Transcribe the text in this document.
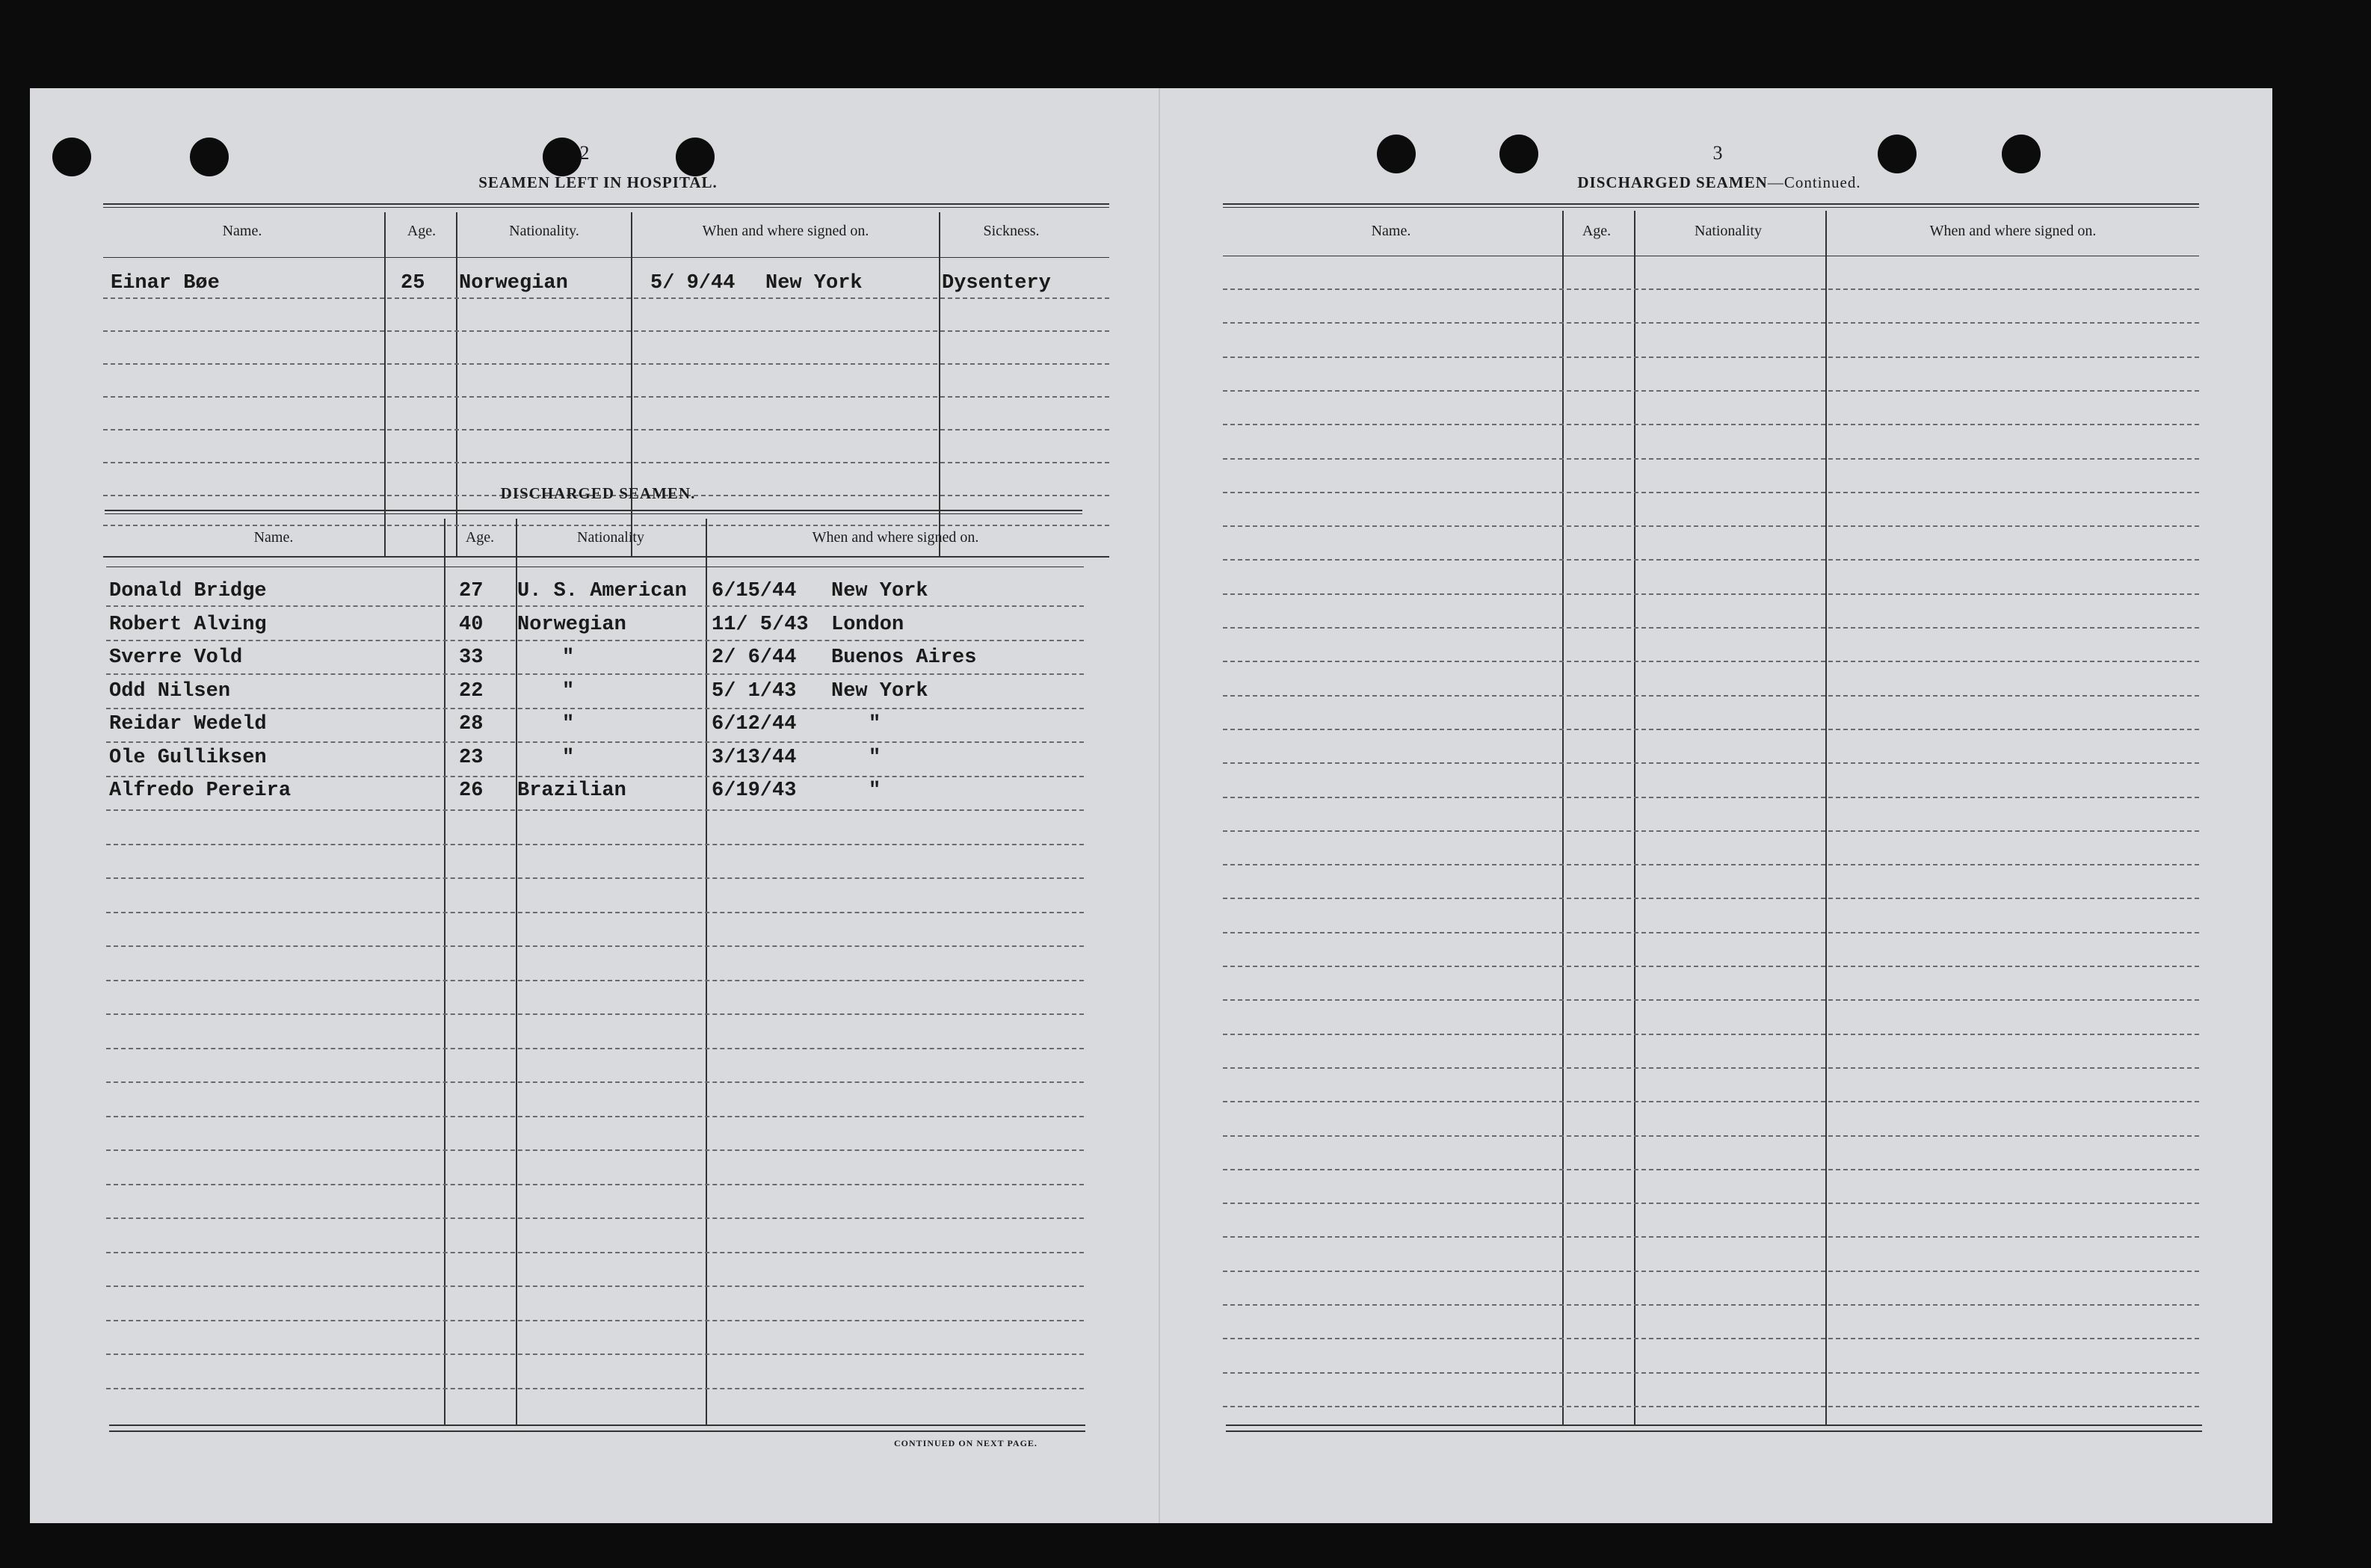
2
SEAMEN LEFT IN HOSPITAL.
Name.	Age.	Nationality.	When and where signed on.	Sickness.
Einar Bøe	25 Norwegian	5/ 9/44 New York	Dysentery
DISCHARGED SEAMEN.
3
DISCHARGED SEAMEN—Continued.
Name.	Age.	Nationality	When and where signed on.
Name.	Age.	Nationality	When and where signed on.
Donald Bridge	27 U. S. American 6/15/44 New York
Robert Alving	40 Norwegian	11/ 5/43 London
Sverre Vold	33	"	2/ 6/44 Buenos Aires
Odd Nilsen	22	"	5/ 1/43 New York
Reidar Wedeld	28	"	6/12/44	"
Ole Gulliksen	23	"	3/13/44	"
Alfredo Pereira	26 Brazilian	6/19/43	"
CONTINUED ON NEXT PAGE.
